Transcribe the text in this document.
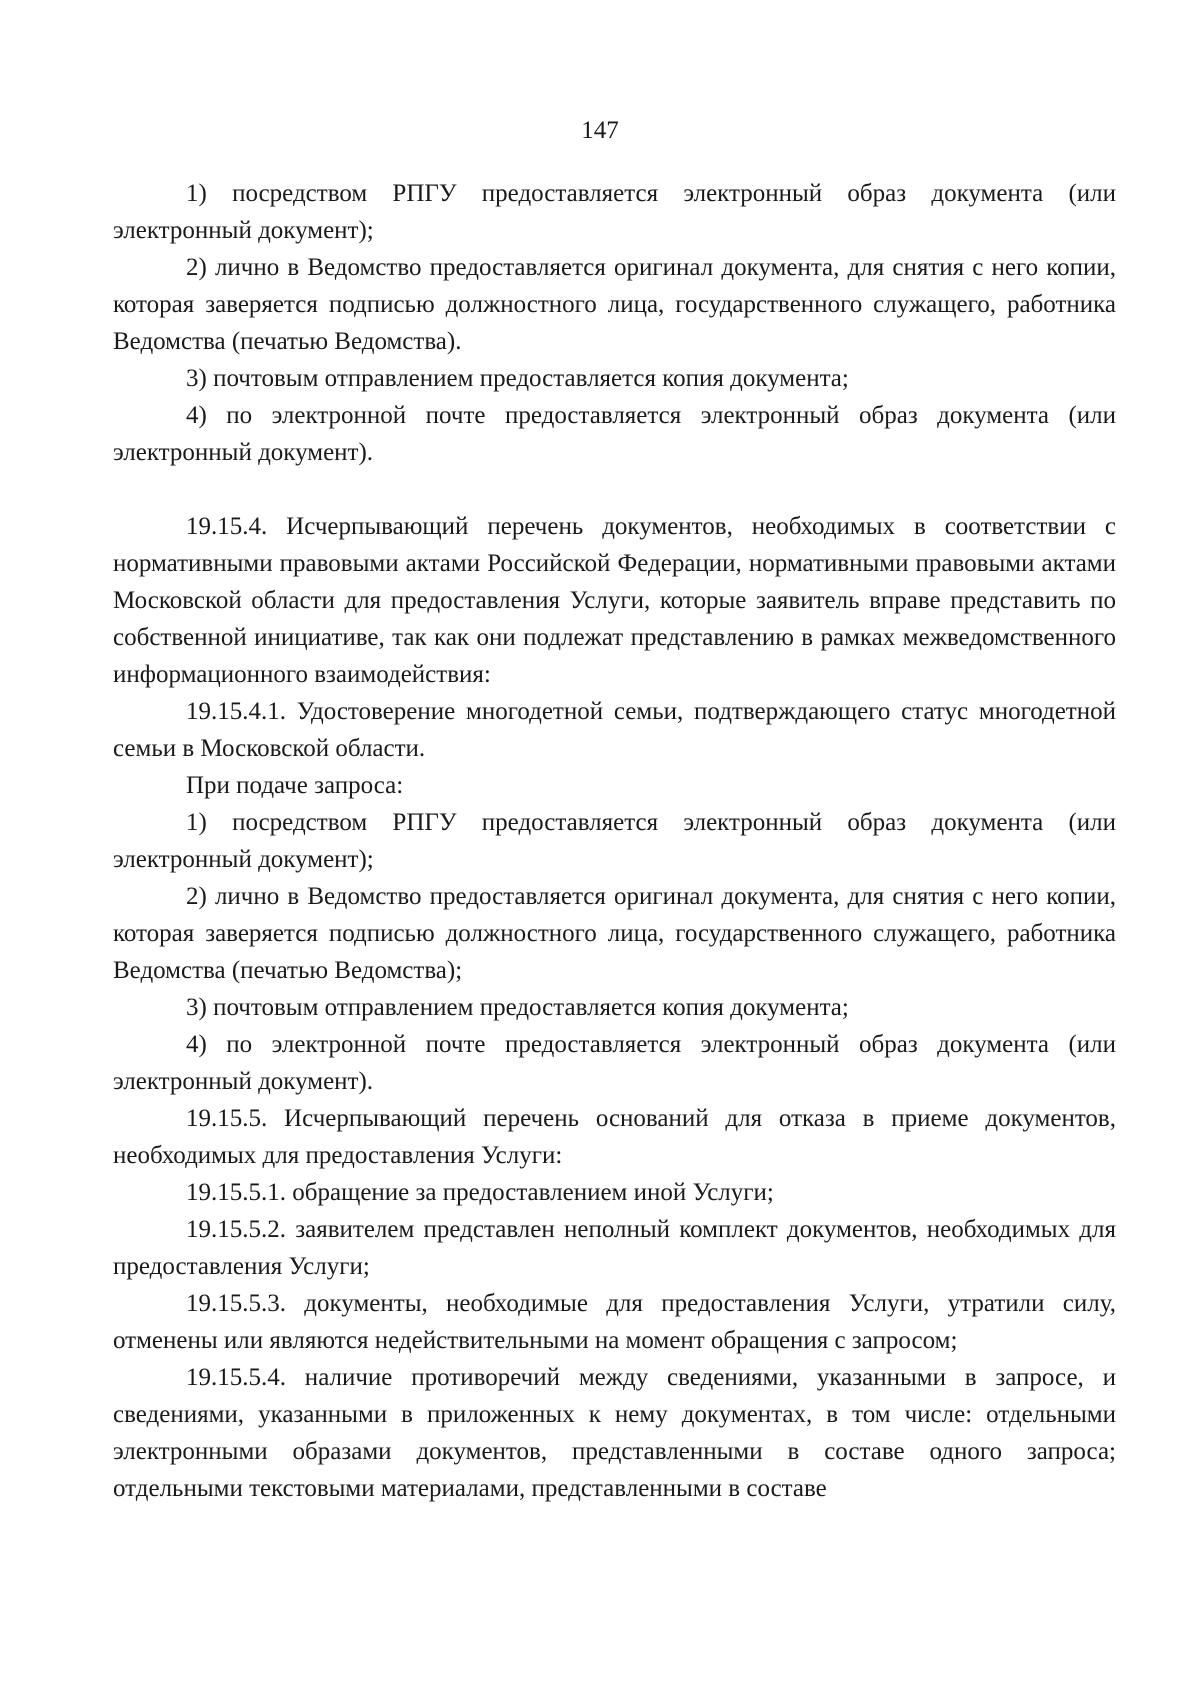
147

1) посредством РПГУ предоставляется электронный образ документа (или электронный документ);

2) лично в Ведомство предоставляется оригинал документа, для снятия с него копии, которая заверяется подписью должностного лица, государственного служащего, работника Ведомства (печатью Ведомства).

3) почтовым отправлением предоставляется копия документа;

4) по электронной почте предоставляется электронный образ документа (или электронный документ).

19.15.4. Исчерпывающий перечень документов, необходимых в соответствии с нормативными правовыми актами Российской Федерации, нормативными правовыми актами Московской области для предоставления Услуги, которые заявитель вправе представить по собственной инициативе, так как они подлежат представлению в рамках межведомственного информационного взаимодействия:

19.15.4.1. Удостоверение многодетной семьи, подтверждающего статус многодетной семьи в Московской области.

При подаче запроса:

1) посредством РПГУ предоставляется электронный образ документа (или электронный документ);

2) лично в Ведомство предоставляется оригинал документа, для снятия с него копии, которая заверяется подписью должностного лица, государственного служащего, работника Ведомства (печатью Ведомства);

3) почтовым отправлением предоставляется копия документа;

4) по электронной почте предоставляется электронный образ документа (или электронный документ).

19.15.5. Исчерпывающий перечень оснований для отказа в приеме документов, необходимых для предоставления Услуги:

19.15.5.1. обращение за предоставлением иной Услуги;

19.15.5.2. заявителем представлен неполный комплект документов, необходимых для предоставления Услуги;

19.15.5.3. документы, необходимые для предоставления Услуги, утратили силу, отменены или являются недействительными на момент обращения с запросом;

19.15.5.4. наличие противоречий между сведениями, указанными в запросе, и сведениями, указанными в приложенных к нему документах, в том числе: отдельными электронными образами документов, представленными в составе одного запроса; отдельными текстовыми материалами, представленными в составе
